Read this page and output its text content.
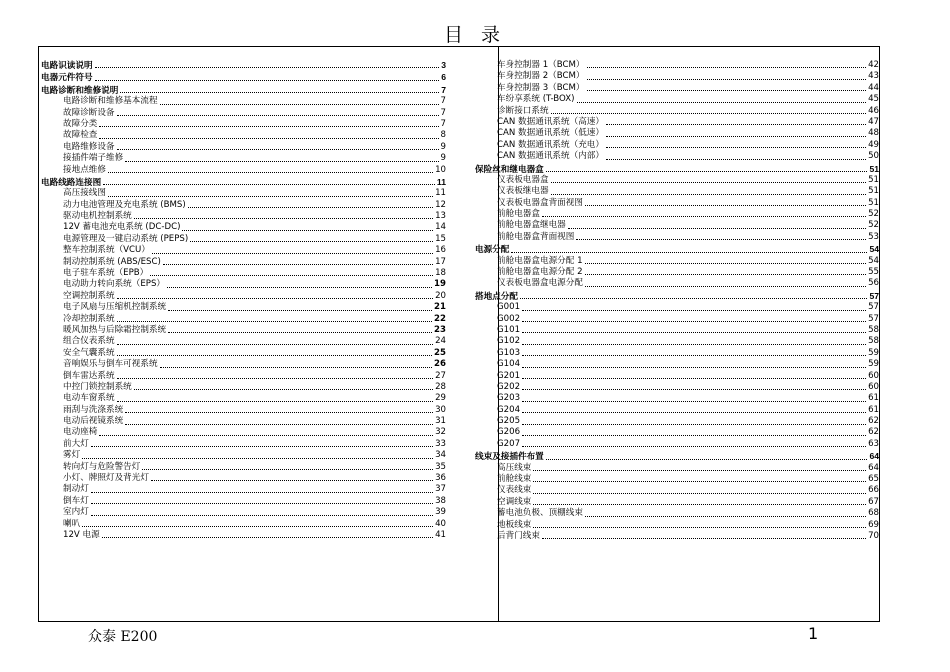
目 录
电路识读说明	3
电器元件符号	6
电路诊断和维修说明	7
电路诊断和维修基本流程	7
故障诊断设备	7
故障分类	7
故障检查	8
电路维修设备	9
接插件端子维修	9
接地点维修	10
电路线路连接图	11
高压接线图	11
动力电池管理及充电系统 (BMS)	12
驱动电机控制系统	13
12V 蓄电池充电系统 (DC-DC)	14
电源管理及一键启动系统 (PEPS)	15
整车控制系统（VCU）	16
制动控制系统 (ABS/ESC)	17
电子驻车系统（EPB）	18
电动助力转向系统（EPS）	19
空调控制系统	20
电子风扇与压缩机控制系统	21
冷却控制系统	22
暖风加热与后除霜控制系统	23
组合仪表系统	24
安全气囊系统	25
音响娱乐与倒车可视系统	26
倒车雷达系统	27
中控门锁控制系统	28
电动车窗系统	29
雨刮与洗涤系统	30
电动后视镜系统	31
电动座椅	32
前大灯	33
雾灯	34
转向灯与危险警告灯	35
小灯、牌照灯及背光灯	36
制动灯	37
倒车灯	38
室内灯	39
喇叭	40
12V 电源	41
车身控制器 1（BCM）	42
车身控制器 2（BCM）	43
车身控制器 3（BCM）	44
车纷享系统 (T-BOX)	45
诊断接口系统	46
CAN 数据通讯系统（高速）	47
CAN 数据通讯系统（低速）	48
CAN 数据通讯系统（充电）	49
CAN 数据通讯系统（内部）	50
保险丝和继电器盒	51
仪表板电器盒	51
仪表板继电器	51
仪表板电器盒背面视图	51
前舱电器盒	52
前舱电器盒继电器	52
前舱电器盒背面视图	53
电源分配	54
前舱电器盒电源分配 1	54
前舱电器盒电源分配 2	55
仪表板电器盒电源分配	56
搭地点分配	57
G001	57
G002	57
G101	58
G102	58
G103	59
G104	59
G201	60
G202	60
G203	61
G204	61
G205	62
G206	62
G207	63
线束及接插件布置	64
高压线束	64
前舱线束	65
仪表线束	66
空调线束	67
蓄电池负极、顶棚线束	68
地板线束	69
后背门线束	70
众泰 E200	1
